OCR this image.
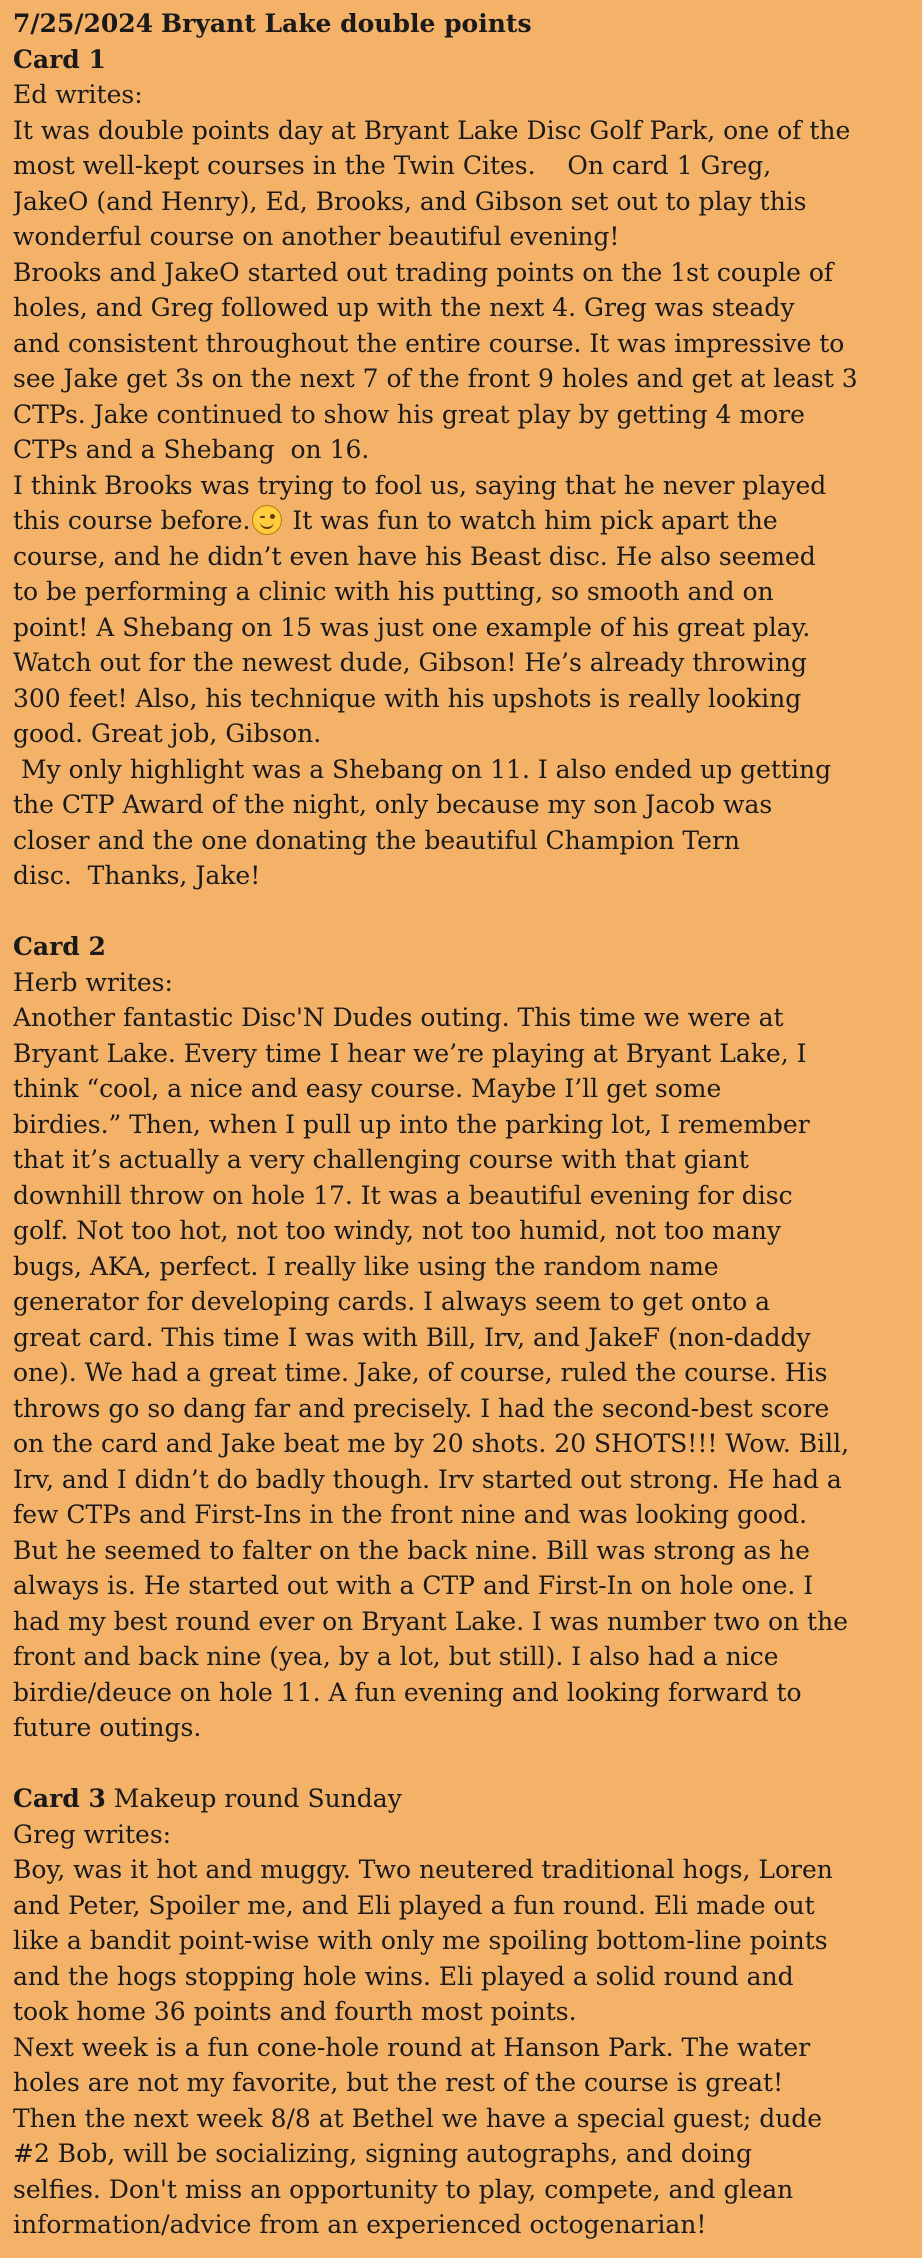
7/25/2024 Bryant Lake double points
Card 1
Ed writes:
It was double points day at Bryant Lake Disc Golf Park, one of the
most well-kept courses in the Twin Cites.    On card 1 Greg,
JakeO (and Henry), Ed, Brooks, and Gibson set out to play this
wonderful course on another beautiful evening!
Brooks and JakeO started out trading points on the 1st couple of
holes, and Greg followed up with the next 4. Greg was steady
and consistent throughout the entire course. It was impressive to
see Jake get 3s on the next 7 of the front 9 holes and get at least 3
CTPs. Jake continued to show his great play by getting 4 more
CTPs and a Shebang  on 16.
I think Brooks was trying to fool us, saying that he never played
this course before.
It was fun to watch him pick apart the
course, and he didn’t even have his Beast disc. He also seemed
to be performing a clinic with his putting, so smooth and on
point! A Shebang on 15 was just one example of his great play.
Watch out for the newest dude, Gibson! He’s already throwing
300 feet! Also, his technique with his upshots is really looking
good. Great job, Gibson.
My only highlight was a Shebang on 11. I also ended up getting
the CTP Award of the night, only because my son Jacob was
closer and the one donating the beautiful Champion Tern
disc.  Thanks, Jake!
Card 2
Herb writes:
Another fantastic Disc'N Dudes outing. This time we were at
Bryant Lake. Every time I hear we’re playing at Bryant Lake, I
think “cool, a nice and easy course. Maybe I’ll get some
birdies.” Then, when I pull up into the parking lot, I remember
that it’s actually a very challenging course with that giant
downhill throw on hole 17. It was a beautiful evening for disc
golf. Not too hot, not too windy, not too humid, not too many
bugs, AKA, perfect. I really like using the random name
generator for developing cards. I always seem to get onto a
great card. This time I was with Bill, Irv, and JakeF (non-daddy
one). We had a great time. Jake, of course, ruled the course. His
throws go so dang far and precisely. I had the second-best score
on the card and Jake beat me by 20 shots. 20 SHOTS!!! Wow. Bill,
Irv, and I didn’t do badly though. Irv started out strong. He had a
few CTPs and First-Ins in the front nine and was looking good.
But he seemed to falter on the back nine. Bill was strong as he
always is. He started out with a CTP and First-In on hole one. I
had my best round ever on Bryant Lake. I was number two on the
front and back nine (yea, by a lot, but still). I also had a nice
birdie/deuce on hole 11. A fun evening and looking forward to
future outings.
Card 3 Makeup round Sunday
Greg writes:
Boy, was it hot and muggy. Two neutered traditional hogs, Loren
and Peter, Spoiler me, and Eli played a fun round. Eli made out
like a bandit point-wise with only me spoiling bottom-line points
and the hogs stopping hole wins. Eli played a solid round and
took home 36 points and fourth most points.
Next week is a fun cone-hole round at Hanson Park. The water
holes are not my favorite, but the rest of the course is great!
Then the next week 8/8 at Bethel we have a special guest; dude
#2 Bob, will be socializing, signing autographs, and doing
selfies. Don't miss an opportunity to play, compete, and glean
information/advice from an experienced octogenarian!
